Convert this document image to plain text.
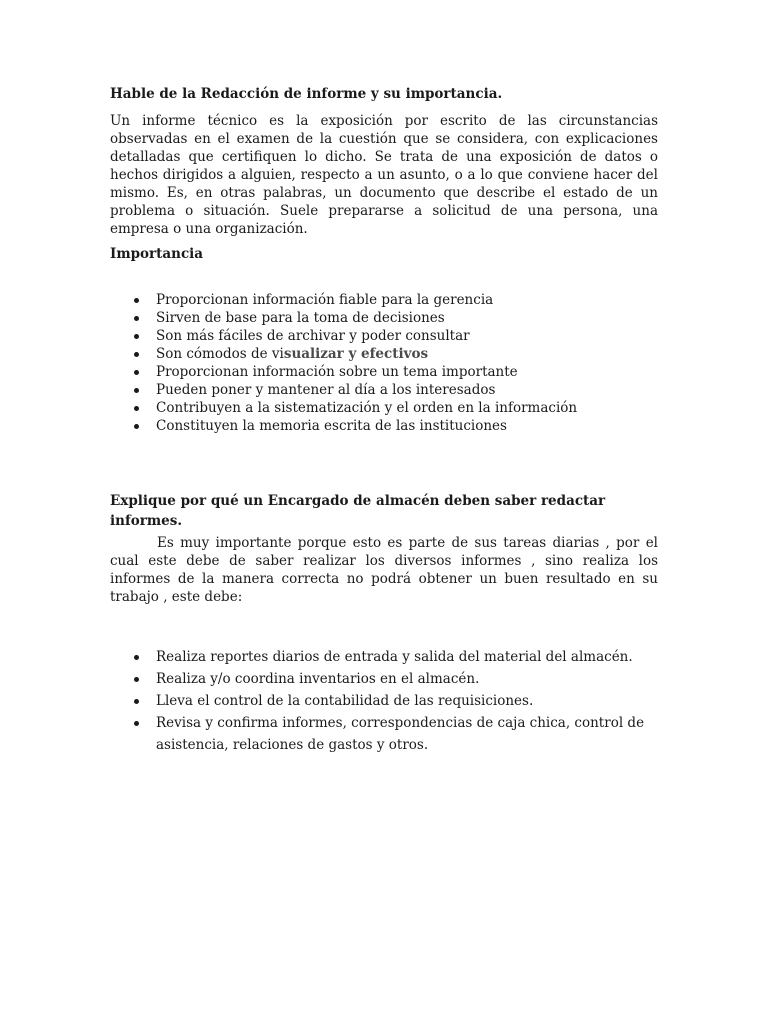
Hable de la Redacción de informe y su importancia.

Un informe técnico es la exposición por escrito de las circunstancias observadas en el examen de la cuestión que se considera, con explicaciones detalladas que certifiquen lo dicho. Se trata de una exposición de datos o hechos dirigidos a alguien, respecto a un asunto, o a lo que conviene hacer del mismo. Es, en otras palabras, un documento que describe el estado de un problema o situación. Suele prepararse a solicitud de una persona, una empresa o una organización.

Importancia

Proporcionan información fiable para la gerencia
Sirven de base para la toma de decisiones
Son más fáciles de archivar y poder consultar
Son cómodos de visualizar y efectivos
Proporcionan información sobre un tema importante
Pueden poner y mantener al día a los interesados
Contribuyen a la sistematización y el orden en la información
Constituyen la memoria escrita de las instituciones

Explique por qué un Encargado de almacén deben saber redactar informes.

Es muy importante porque esto es parte de sus tareas diarias , por el cual este debe de saber realizar los diversos informes , sino realiza los informes de la manera correcta no podrá obtener un buen resultado en su trabajo , este debe:

Realiza reportes diarios de entrada y salida del material del almacén.
Realiza y/o coordina inventarios en el almacén.
Lleva el control de la contabilidad de las requisiciones.
Revisa y confirma informes, correspondencias de caja chica, control de asistencia, relaciones de gastos y otros.
